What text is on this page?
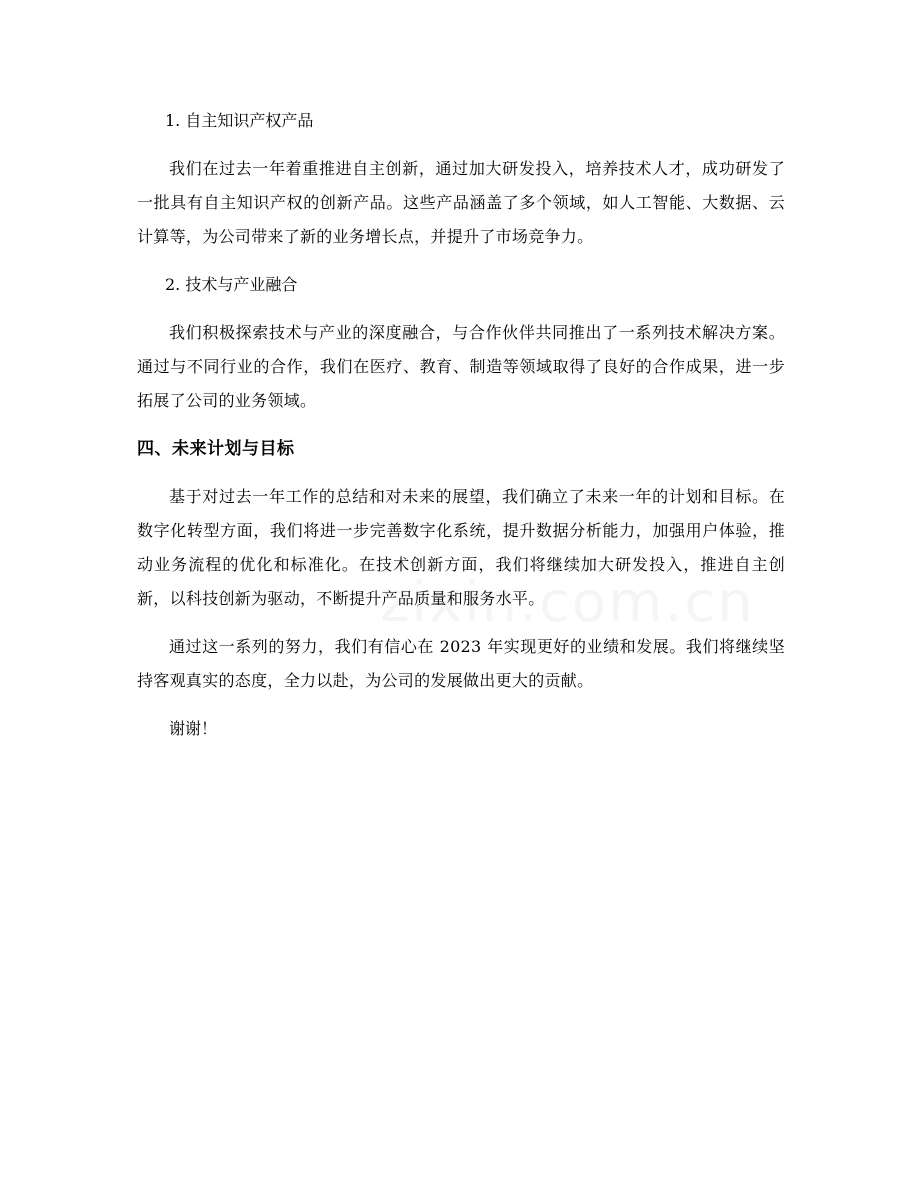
1. 自主知识产权产品

我们在过去一年着重推进自主创新，通过加大研发投入，培养技术人才，成功研发了一批具有自主知识产权的创新产品。这些产品涵盖了多个领域，如人工智能、大数据、云计算等，为公司带来了新的业务增长点，并提升了市场竞争力。

2. 技术与产业融合

我们积极探索技术与产业的深度融合，与合作伙伴共同推出了一系列技术解决方案。通过与不同行业的合作，我们在医疗、教育、制造等领域取得了良好的合作成果，进一步拓展了公司的业务领域。

四、未来计划与目标

基于对过去一年工作的总结和对未来的展望，我们确立了未来一年的计划和目标。在数字化转型方面，我们将进一步完善数字化系统，提升数据分析能力，加强用户体验，推动业务流程的优化和标准化。在技术创新方面，我们将继续加大研发投入，推进自主创新，以科技创新为驱动，不断提升产品质量和服务水平。

通过这一系列的努力，我们有信心在 2023 年实现更好的业绩和发展。我们将继续坚持客观真实的态度，全力以赴，为公司的发展做出更大的贡献。

谢谢！
